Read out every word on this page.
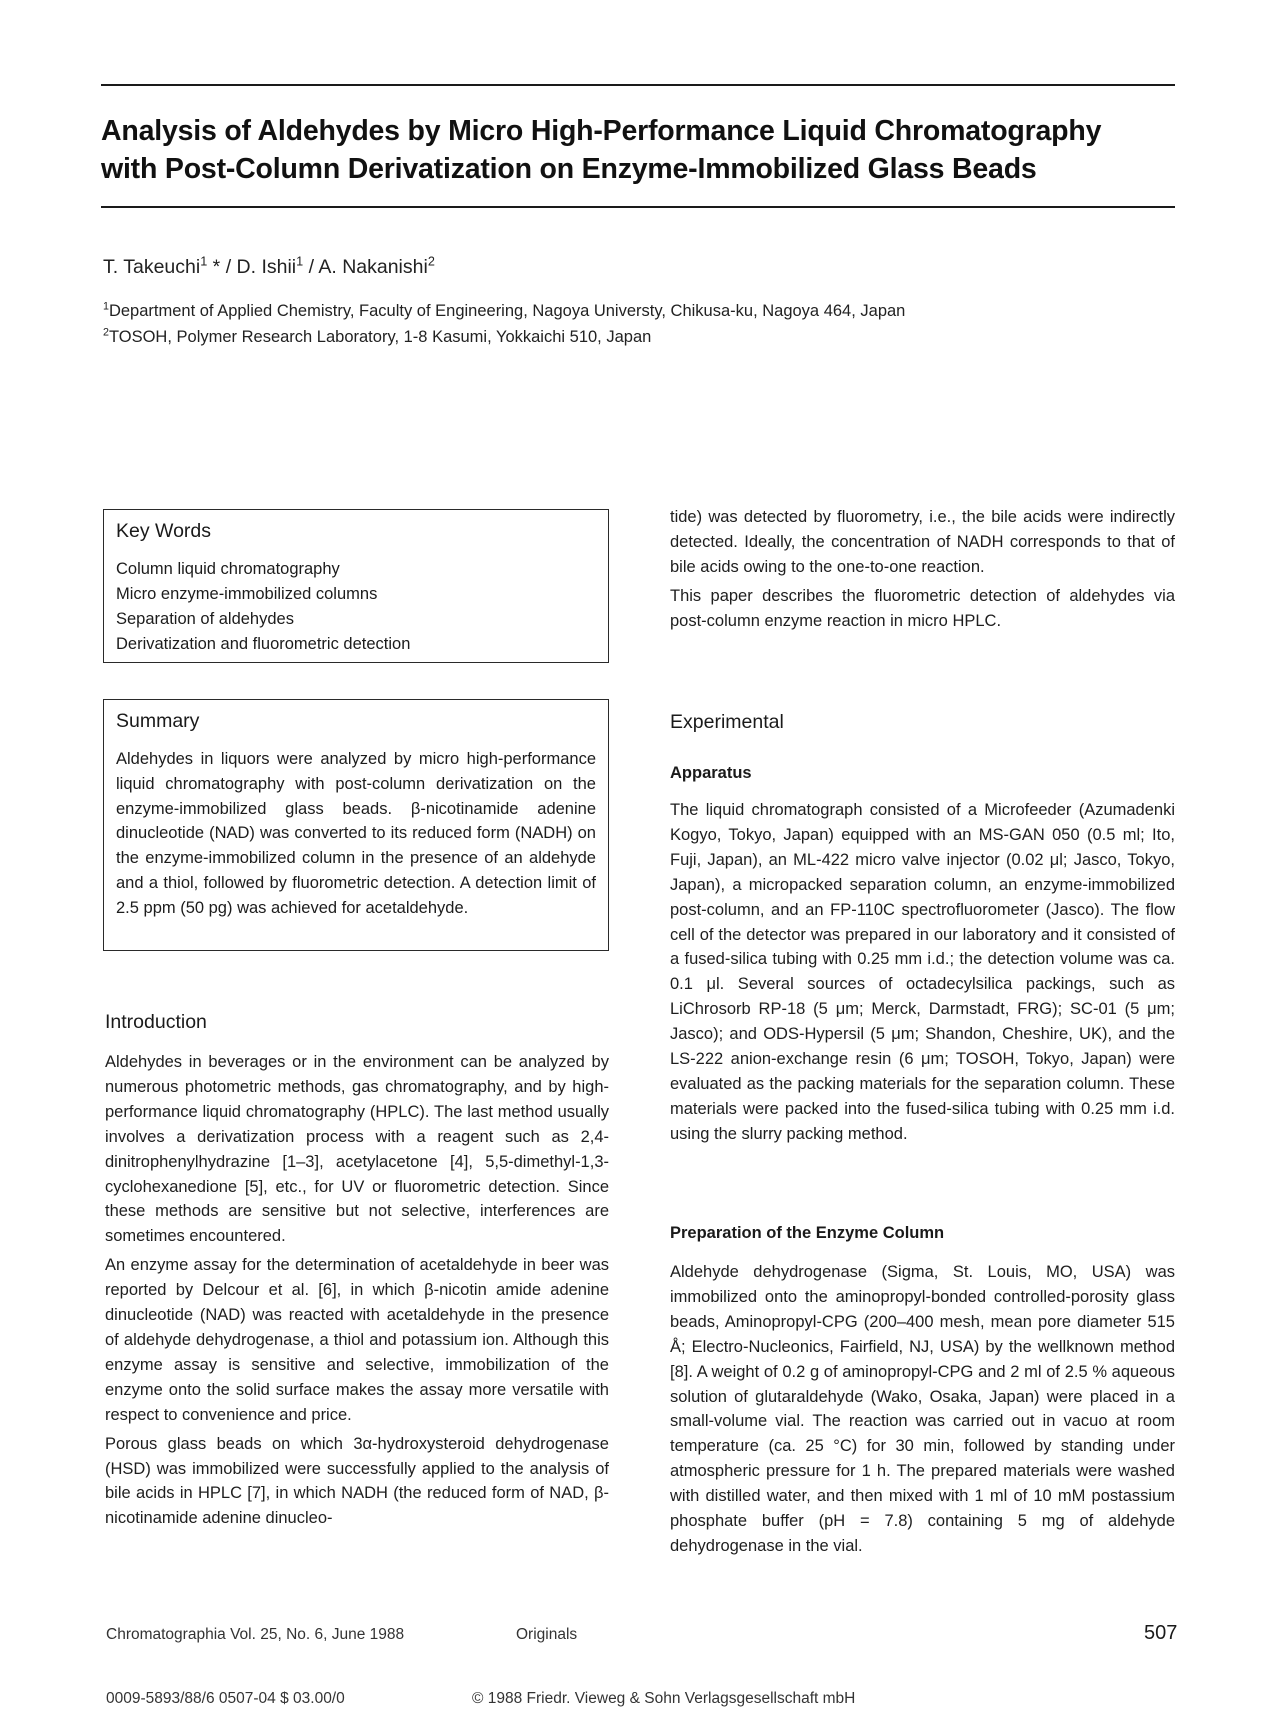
Analysis of Aldehydes by Micro High-Performance Liquid Chromatography
with Post-Column Derivatization on Enzyme-Immobilized Glass Beads
T. Takeuchi$^1$ * / D. Ishii$^1$ / A. Nakanishi$^2$
$^1$Department of Applied Chemistry, Faculty of Engineering, Nagoya Universty, Chikusa-ku, Nagoya 464, Japan
$^2$TOSOH, Polymer Research Laboratory, 1-8 Kasumi, Yokkaichi 510, Japan
Key Words
Column liquid chromatography
Micro enzyme-immobilized columns
Separation of aldehydes
Derivatization and fluorometric detection
Summary

Aldehydes in liquors were analyzed by micro high-performance liquid chromatography with post-column derivatization on the enzyme-immobilized glass beads. β-nicotinamide adenine dinucleotide (NAD) was converted to its reduced form (NADH) on the enzyme-immobilized column in the presence of an aldehyde and a thiol, followed by fluorometric detection. A detection limit of 2.5 ppm (50 pg) was achieved for acetaldehyde.

Introduction

Aldehydes in beverages or in the environment can be analyzed by numerous photometric methods, gas chromatography, and by high-performance liquid chromatography (HPLC). The last method usually involves a derivatization process with a reagent such as 2,4-dinitrophenylhydrazine [1–3], acetylacetone [4], 5,5-dimethyl-1,3-cyclohexanedione [5], etc., for UV or fluorometric detection. Since these methods are sensitive but not selective, interferences are sometimes encountered.

An enzyme assay for the determination of acetaldehyde in beer was reported by Delcour et al. [6], in which β-nicotin amide adenine dinucleotide (NAD) was reacted with acetaldehyde in the presence of aldehyde dehydrogenase, a thiol and potassium ion. Although this enzyme assay is sensitive and selective, immobilization of the enzyme onto the solid surface makes the assay more versatile with respect to convenience and price.

Porous glass beads on which 3α-hydroxysteroid dehydrogenase (HSD) was immobilized were successfully applied to the analysis of bile acids in HPLC [7], in which NADH (the reduced form of NAD, β-nicotinamide adenine dinucleo-

tide) was detected by fluorometry, i.e., the bile acids were indirectly detected. Ideally, the concentration of NADH corresponds to that of bile acids owing to the one-to-one reaction.

This paper describes the fluorometric detection of aldehydes via post-column enzyme reaction in micro HPLC.

Experimental
Apparatus

The liquid chromatograph consisted of a Microfeeder (Azumadenki Kogyo, Tokyo, Japan) equipped with an MS-GAN 050 (0.5 ml; Ito, Fuji, Japan), an ML-422 micro valve injector (0.02 μl; Jasco, Tokyo, Japan), a micropacked separation column, an enzyme-immobilized post-column, and an FP-110C spectrofluorometer (Jasco). The flow cell of the detector was prepared in our laboratory and it consisted of a fused-silica tubing with 0.25 mm i.d.; the detection volume was ca. 0.1 μl. Several sources of octadecylsilica packings, such as LiChrosorb RP-18 (5 μm; Merck, Darmstadt, FRG); SC-01 (5 μm; Jasco); and ODS-Hypersil (5 μm; Shandon, Cheshire, UK), and the LS-222 anion-exchange resin (6 μm; TOSOH, Tokyo, Japan) were evaluated as the packing materials for the separation column. These materials were packed into the fused-silica tubing with 0.25 mm i.d. using the slurry packing method.

Preparation of the Enzyme Column

Aldehyde dehydrogenase (Sigma, St. Louis, MO, USA) was immobilized onto the aminopropyl-bonded controlled-porosity glass beads, Aminopropyl-CPG (200–400 mesh, mean pore diameter 515 Å; Electro-Nucleonics, Fairfield, NJ, USA) by the wellknown method [8]. A weight of 0.2 g of aminopropyl-CPG and 2 ml of 2.5 % aqueous solution of glutaraldehyde (Wako, Osaka, Japan) were placed in a small-volume vial. The reaction was carried out in vacuo at room temperature (ca. 25 °C) for 30 min, followed by standing under atmospheric pressure for 1 h. The prepared materials were washed with distilled water, and then mixed with 1 ml of 10 mM postassium phosphate buffer (pH = 7.8) containing 5 mg of aldehyde dehydrogenase in the vial.

Chromatographia Vol. 25, No. 6, June 1988	Originals	507
0009-5893/88/6 0507-04 $ 03.00/0	© 1988 Friedr. Vieweg & Sohn Verlagsgesellschaft mbH
